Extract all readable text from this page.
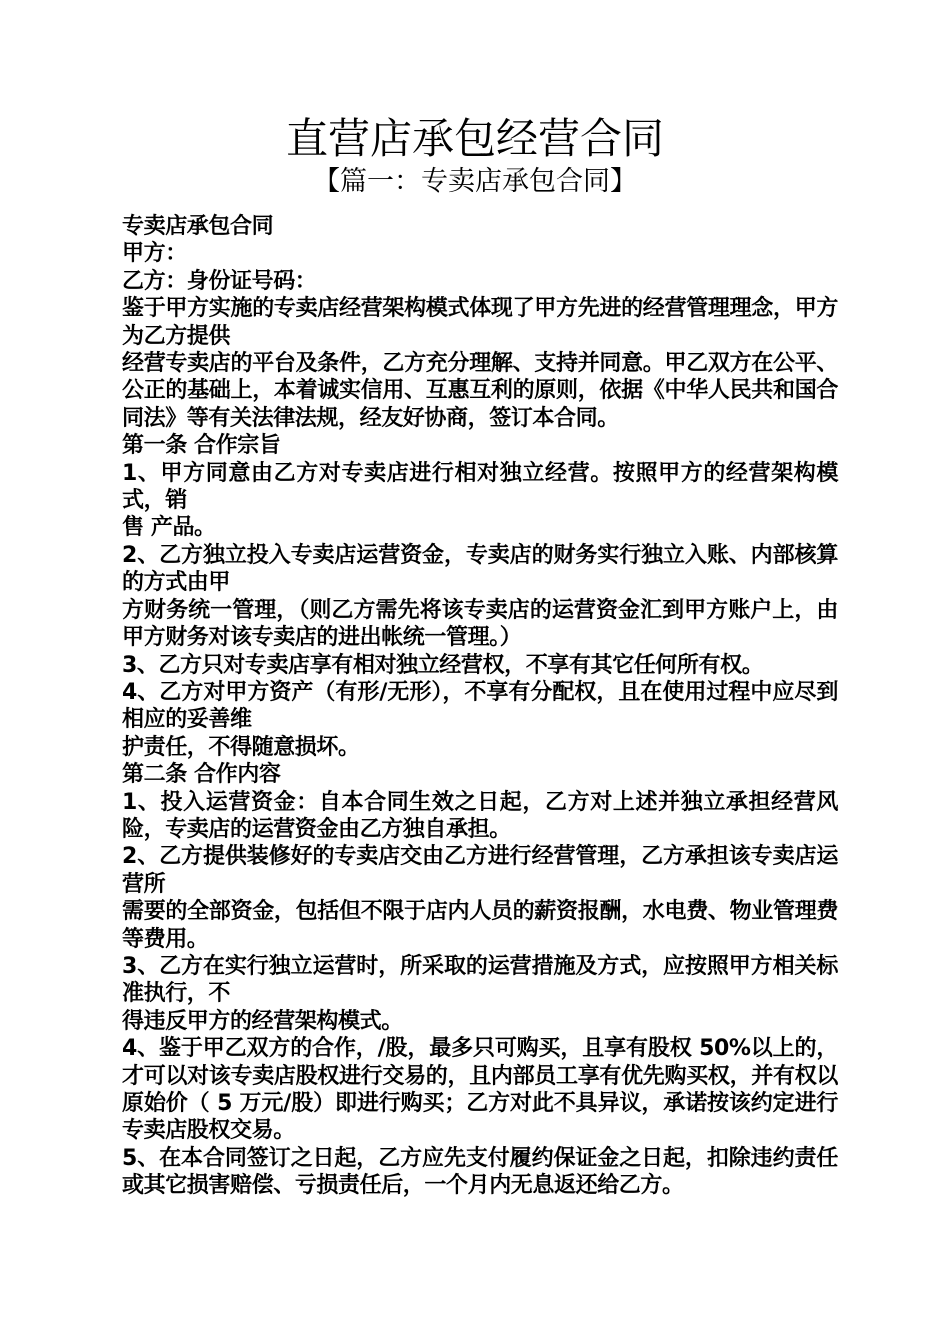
直营店承包经营合同
【篇一：专卖店承包合同】

专卖店承包合同

甲方：

乙方：身份证号码：

鉴于甲方实施的专卖店经营架构模式体现了甲方先进的经营管理理念，甲方为乙方提供

经营专卖店的平台及条件，乙方充分理解、支持并同意。甲乙双方在公平、公正的基础上，本着诚实信用、互惠互利的原则，依据《中华人民共和国合同法》等有关法律法规，经友好协商，签订本合同。

第一条 合作宗旨

1、甲方同意由乙方对专卖店进行相对独立经营。按照甲方的经营架构模式，销

售 产品。

2、乙方独立投入专卖店运营资金，专卖店的财务实行独立入账、内部核算的方式由甲

方财务统一管理，（则乙方需先将该专卖店的运营资金汇到甲方账户上，由甲方财务对该专卖店的进出帐统一管理。）

3、乙方只对专卖店享有相对独立经营权，不享有其它任何所有权。

4、乙方对甲方资产（有形/无形），不享有分配权，且在使用过程中应尽到相应的妥善维

护责任，不得随意损坏。

第二条 合作内容

1、投入运营资金：自本合同生效之日起，乙方对上述并独立承担经营风险，专卖店的运营资金由乙方独自承担。

2、乙方提供装修好的专卖店交由乙方进行经营管理，乙方承担该专卖店运营所

需要的全部资金，包括但不限于店内人员的薪资报酬，水电费、物业管理费等费用。

3、乙方在实行独立运营时，所采取的运营措施及方式，应按照甲方相关标准执行，不

得违反甲方的经营架构模式。

4、鉴于甲乙双方的合作，/股，最多只可购买，且享有股权 50%以上的，才可以对该专卖店股权进行交易的，且内部员工享有优先购买权，并有权以原始价（ 5 万元/股）即进行购买；乙方对此不具异议，承诺按该约定进行专卖店股权交易。

5、在本合同签订之日起，乙方应先支付履约保证金之日起，扣除违约责任或其它损害赔偿、亏损责任后，一个月内无息返还给乙方。
